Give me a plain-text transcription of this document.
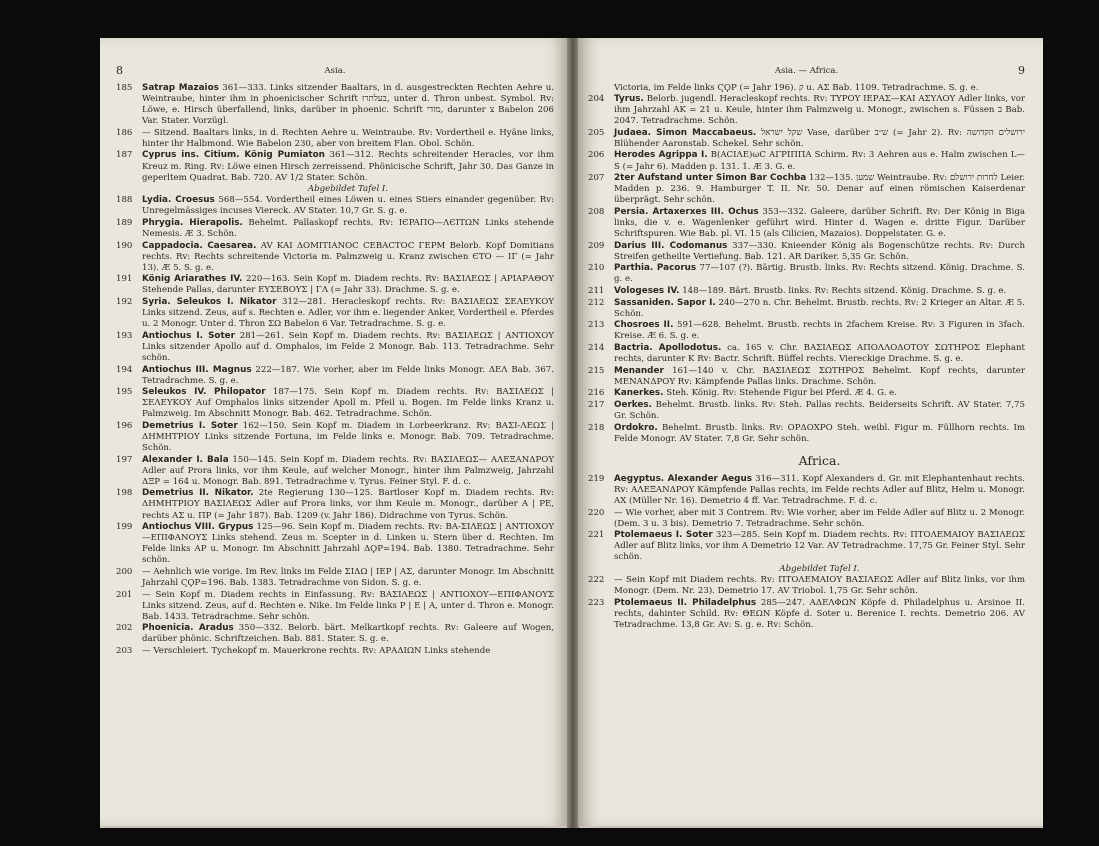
8	Asia.
185	Satrap Mazaios 361—333. Links sitzender Baaltars, in d. ausgestreckten Rechten Aehre u. Weintraube, hinter ihm in phoenicischer Schrift בעלתרז, unter d. Thron unbest. Symbol. Rv: Löwe, e. Hirsch überfallend, links, darüber in phoenic. Schrift מזדי, darunter צ Babelon 206 Var. Stater. Vorzügl.
186	— Sitzend. Baaltars links, in d. Rechten Aehre u. Weintraube. Rv: Vordertheil e. Hyäne links, hinter ihr Halbmond. Wie Babelon 230, aber von breitem Flan. Obol. Schön.
187	Cyprus ins. Citium. König Pumiaton 361—312. Rechts schreitender Heracles, vor ihm Kreuz m. Ring. Rv: Löwe einen Hirsch zerreissend. Phönicische Schrift, Jahr 30. Das Ganze in geperltem Quadrat. Bab. 720. AV 1/2 Stater. Schön.
Abgebildet Tafel I.
188	Lydia. Croesus 568—554. Vordertheil eines Löwen u. eines Stiers einander gegenüber. Rv: Unregelmässiges incuses Viereck. AV Stater. 10,7 Gr. S. g. e.
189	Phrygia. Hierapolis. Behelmt. Pallaskopf rechts. Rv: IЄPAΠO—ΛЄITΩN Links stehende Nemesis. Æ 3. Schön.
190	Cappadocia. Caesarea. AV KAI ΔOMITIANOC CEBACTOC ΓEPM Belorb. Kopf Domitians rechts. Rv: Rechts schreitende Victoria m. Palmzweig u. Kranz zwischen ЄTO — IΓ (= Jahr 13). Æ 5. S. g. e.
191	König Ariarathes IV. 220—163. Sein Kopf m. Diadem rechts. Rv: ΒΑΣΙΛΕΩΣ | ΑΡΙΑΡΑΘΟΥ Stehende Pallas, darunter ΕΥΣΕΒΟΥΣ | ΓΛ (= Jahr 33). Drachme. S. g. e.
192	Syria. Seleukos I. Nikator 312—281. Heracleskopf rechts. Rv: ΒΑΣΙΛΕΩΣ ΣΕΛΕΥΚΟΥ Links sitzend. Zeus, auf s. Rechten e. Adler, vor ihm e. liegender Anker, Vordertheil e. Pferdes u. 2 Monogr. Unter d. Thron ΣΩ Babelon 6 Var. Tetradrachme. S. g. e.
193	Antiochus I. Soter 281—261. Sein Kopf m. Diadem rechts. Rv: ΒΑΣΙΛΕΩΣ | ΑΝΤΙΟΧΟΥ Links sitzender Apollo auf d. Omphalos, im Felde 2 Monogr. Bab. 113. Tetradrachme. Sehr schön.
194	Antiochus III. Magnus 222—187. Wie vorher, aber im Felde links Monogr. ΔΕΛ Bab. 367. Tetradrachme. S. g. e.
195	Seleukos IV. Philopator 187—175. Sein Kopf m. Diadem rechts. Rv: ΒΑΣΙΛΕΩΣ | ΣΕΛΕΥΚΟΥ Auf Omphalos links sitzender Apoll m. Pfeil u. Bogen. Im Felde links Kranz u. Palmzweig. Im Abschnitt Monogr. Bab. 462. Tetradrachme. Schön.
196	Demetrius I. Soter 162—150. Sein Kopf m. Diadem in Lorbeerkranz. Rv: ΒΑΣΙ-ΛΕΩΣ | ΔΗΜΗΤΡΙΟΥ Links sitzende Fortuna, im Felde links e. Monogr. Bab. 709. Tetradrachme. Schön.
197	Alexander I. Bala 150—145. Sein Kopf m. Diadem rechts. Rv: ΒΑΣΙΛΕΩΣ— ΑΛΕΞΑΝΔΡΟΥ Adler auf Prora links, vor ihm Keule, auf welcher Monogr., hinter ihm Palmzweig, Jahrzahl ΔΞΡ = 164 u. Monogr. Bab. 891. Tetradrachme v. Tyrus. Feiner Styl. F. d. c.
198	Demetrius II. Nikator. 2te Regierung 130—125. Bartloser Kopf m. Diadem rechts. Rv: ΔΗΜΗΤΡΙΟΥ ΒΑΣΙΛΕΩΣ Adler auf Prora links, vor ihm Keule m. Monogr., darüber Α | ΡΕ, rechts ΑΣ u. ΠΡ (= Jahr 187). Bab. 1209 (v. Jahr 186). Didrachme von Tyrus. Schön.
199	Antiochus VIII. Grypus 125—96. Sein Kopf m. Diadem rechts. Rv: ΒΑ-ΣΙΛΕΩΣ | ΑΝΤΙΟΧΟΥ—ΕΠΙΦΑΝΟΥΣ Links stehend. Zeus m. Scepter in d. Linken u. Stern über d. Rechten. Im Felde links ΑΡ u. Monogr. Im Abschnitt Jahrzahl ΔϘΡ=194. Bab. 1380. Tetradrachme. Sehr schön.
200	— Aehnlich wie vorige. Im Rev. links im Felde ΣΙΔΩ | ΙΕΡ | ΑΣ, darunter Monogr. Im Abschnitt Jahrzahl ϚϘΡ=196. Bab. 1383. Tetradrachme von Sidon. S. g. e.
201	— Sein Kopf m. Diadem rechts in Einfassung. Rv: ΒΑΣΙΛΕΩΣ | ΑΝΤΙΟΧΟΥ—ΕΠΙΦΑΝΟΥΣ Links sitzend. Zeus, auf d. Rechten e. Nike. Im Felde links Ρ | Ε | Α, unter d. Thron e. Monogr. Bab. 1433. Tetradrachme. Sehr schön.
202	Phoenicia. Aradus 350—332. Belorb. bärt. Melkartkopf rechts. Rv: Galeere auf Wogen, darüber phönic. Schriftzeichen. Bab. 881. Stater. S. g. e.
203	— Verschleiert. Tychekopf m. Mauerkrone rechts. Rv: ΑΡΑΔΙΩΝ Links stehende
Asia. — Africa.	9
Victoria, im Felde links ϚϘΡ (= Jahr 196). ק u. ΑΣ Bab. 1109. Tetradrachme. S. g. e.
204	Tyrus. Belorb. jugendl. Heracleskopf rechts. Rv: ΤΥΡΟΥ ΙΕΡΑΣ—ΚΑΙ ΑΣΥΛΟΥ Adler links, vor ihm Jahrzahl ΑΚ = 21 u. Keule, hinter ihm Palmzweig u. Monogr., zwischen s. Füssen ב Bab. 2047. Tetradrachme. Schön.
205	Judaea. Simon Maccabaeus. שקל ישראל Vase, darüber ש״ב (= Jahr 2). Rv: ירושלים הקדושה Blühender Aaronstab. Schekel. Sehr schön.
206	Herodes Agrippa I. Β(ΑCΙΛΕ)ωC ΑΓΡΙΠΠΑ Schirm. Rv: 3 Aehren aus e. Halm zwischen L—S (= Jahr 6). Madden p. 131. 1. Æ 3. G. e.
207	2ter Aufstand unter Simon Bar Cochba 132—135. שמען Weintraube. Rv: לחרות ירושלם Leier. Madden p. 236. 9. Hamburger T. II. Nr. 50. Denar auf einen römischen Kaiserdenar überprägt. Sehr schön.
208	Persia. Artaxerxes III. Ochus 353—332. Galeere, darüber Schrift. Rv: Der König in Biga links, die v. e. Wagenlenker geführt wird. Hinter d. Wagen e. dritte Figur. Darüber Schriftspuren. Wie Bab. pl. VI. 15 (als Cilicien, Mazaios). Doppelstater. G. e.
209	Darius III. Codomanus 337—330. Knieender König als Bogenschütze rechts. Rv: Durch Streifen getheilte Vertiefung. Bab. 121. AR Dariker. 5,35 Gr. Schön.
210	Parthia. Pacorus 77—107 (?). Bärtig. Brustb. links. Rv: Rechts sitzend. König. Drachme. S. g. e.
211	Vologeses IV. 148—189. Bärt. Brustb. links. Rv: Rechts sitzend. König. Drachme. S. g. e.
212	Sassaniden. Sapor I. 240—270 n. Chr. Behelmt. Brustb. rechts. Rv: 2 Krieger an Altar. Æ 5. Schön.
213	Chosroes II. 591—628. Behelmt. Brustb. rechts in 2fachem Kreise. Rv: 3 Figuren in 3fach. Kreise. Æ 6. S. g. e.
214	Bactria. Apollodotus. ca. 165 v. Chr. ΒΑΣΙΛΕΩΣ ΑΠΟΛΛΟΔΟΤΟΥ ΣΩΤΗΡΟΣ Elephant rechts, darunter K Rv: Bactr. Schrift. Büffel rechts. Viereckige Drachme. S. g. e.
215	Menander 161—140 v. Chr. ΒΑΣΙΛΕΩΣ ΣΩΤΗΡΟΣ Behelmt. Kopf rechts, darunter ΜΕΝΑΝΔΡΟΥ Rv: Kämpfende Pallas links. Drachme. Schön.
216	Kanerkes. Steh. König. Rv: Stehende Figur bei Pferd. Æ 4. G. e.
217	Oerkes. Behelmt. Brustb. links. Rv: Steh. Pallas rechts. Beiderseits Schrift. AV Stater. 7,75 Gr. Schön.
218	Ordokro. Behelmt. Brustb. links. Rv: ΟΡΔΟΧΡΟ Steh. weibl. Figur m. Füllhorn rechts. Im Felde Monogr. AV Stater. 7,8 Gr. Sehr schön.
Africa.
219	Aegyptus. Alexander Aegus 316—311. Kopf Alexanders d. Gr. mit Elephantenhaut rechts. Rv: ΑΛΕΞΑΝΔΡΟΥ Kämpfende Pallas rechts, im Felde rechts Adler auf Blitz, Helm u. Monogr. ΑΧ (Müller Nr. 16). Demetrio 4 ff. Var. Tetradrachme. F. d. c.
220	— Wie vorher, aber mit 3 Contrem. Rv: Wie vorher, aber im Felde Adler auf Blitz u. 2 Monogr. (Dem. 3 u. 3 bis). Demetrio 7. Tetradrachme. Sehr schön.
221	Ptolemaeus I. Soter 323—285. Sein Kopf m. Diadem rechts. Rv: ΠΤΟΛΕΜΑΙΟΥ ΒΑΣΙΛΕΩΣ Adler auf Blitz links, vor ihm Α Demetrio 12 Var. AV Tetradrachme. 17,75 Gr. Feiner Styl. Sehr schön.
Abgebildet Tafel I.
222	— Sein Kopf mit Diadem rechts. Rv: ΠΤΟΛΕΜΑΙΟΥ ΒΑΣΙΛΕΩΣ Adler auf Blitz links, vor ihm Monogr. (Dem. Nr. 23). Demetrio 17. AV Triobol. 1,75 Gr. Sehr schön.
223	Ptolemaeus II. Philadelphus 285—247. ΑΔΕΛΦΩΝ Köpfe d. Philadelphus u. Arsinoe II. rechts, dahinter Schild. Rv: ΘΕΩΝ Köpfe d. Soter u. Berenice I. rechts. Demetrio 206. AV Tetradrachme. 13,8 Gr. Av: S. g. e. Rv: Schön.
